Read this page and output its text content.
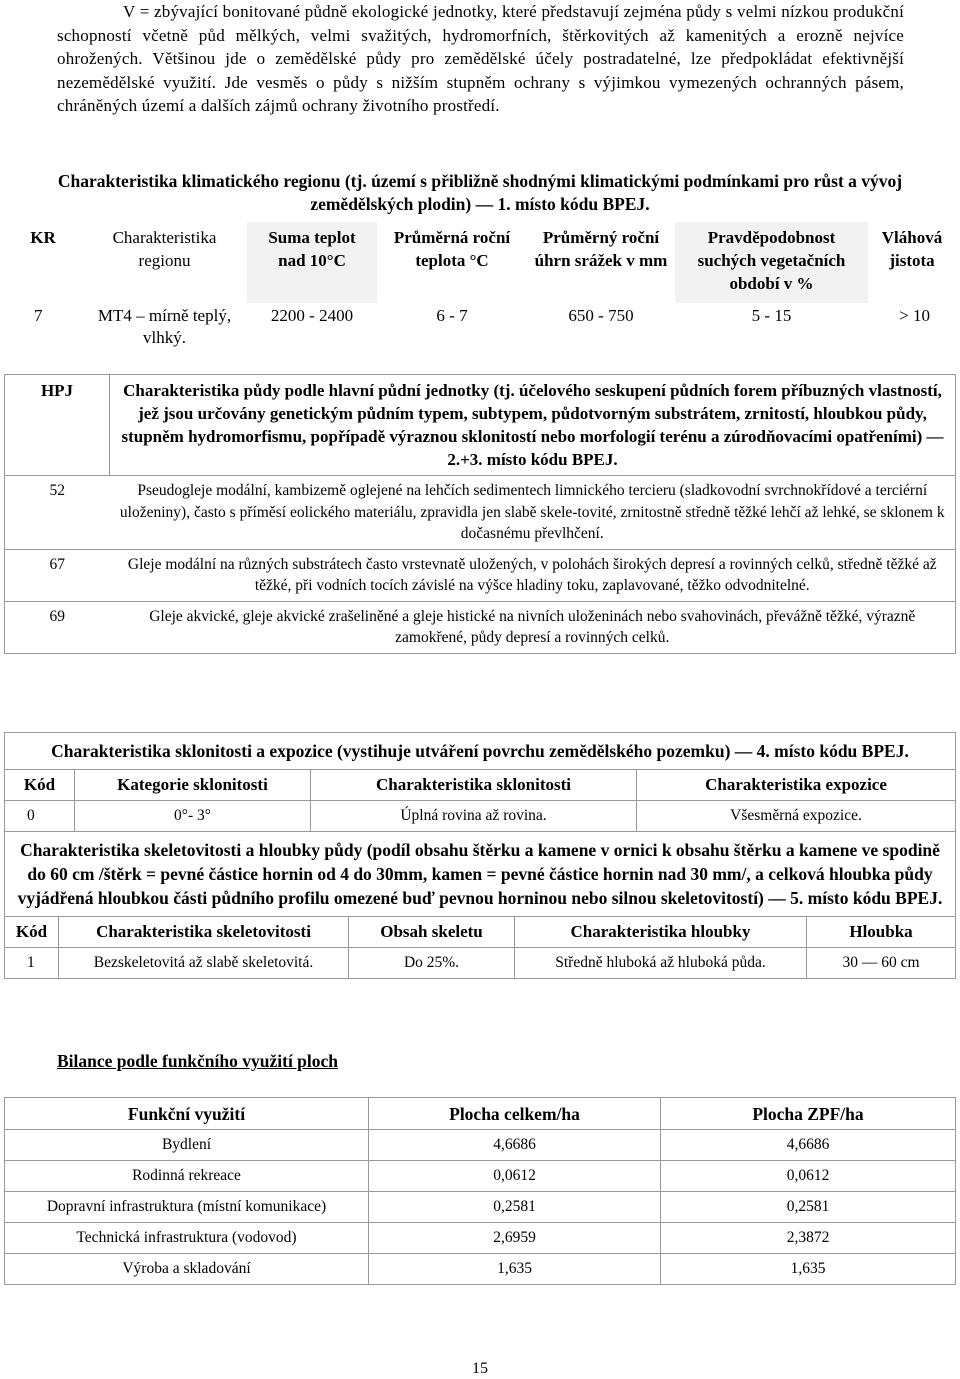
V = zbývající bonitované půdně ekologické jednotky, které představují zejména půdy s velmi nízkou produkční schopností včetně půd mělkých, velmi svažitých, hydromorfních, štěrkovitých až kamenitých a erozně nejvíce ohrožených. Většinou jde o zemědělské půdy pro zemědělské účely postradatelné, lze předpokládat efektivnější nezemědělské využití. Jde vesměs o půdy s nižším stupněm ochrany s výjimkou vymezených ochranných pásem, chráněných území a dalších zájmů ochrany životního prostředí.

Charakteristika klimatického regionu (tj. území s přibližně shodnými klimatickými podmínkami pro růst a vývoj zemědělských plodin) — 1. místo kódu BPEJ.
KR	Charakteristika regionu	Suma teplot nad 10°C	Průměrná roční teplota °C	Průměrný roční úhrn srážek v mm	Pravděpodobnost suchých vegetačních období v %	Vláhová jistota
7	MT4 – mírně teplý, vlhký.	2200 - 2400	6 - 7	650 - 750	5 - 15	> 10
HPJ	Charakteristika půdy podle hlavní půdní jednotky (tj. účelového seskupení půdních forem příbuzných vlastností, jež jsou určovány genetickým půdním typem, subtypem, půdotvorným substrátem, zrnitostí, hloubkou půdy, stupněm hydromorfismu, popřípadě výraznou sklonitostí nebo morfologií terénu a zúrodňovacími opatřeními) — 2.+3. místo kódu BPEJ.
52	Pseudogleje modální, kambizemě oglejené na lehčích sedimentech limnického tercieru (sladkovodní svrchnokřídové a terciérní uloženiny), často s příměsí eolického materiálu, zpravidla jen slabě skele-tovité, zrnitostně středně těžké lehčí až lehké, se sklonem k dočasnému převlhčení.
67	Gleje modální na různých substrátech často vrstevnatě uložených, v polohách širokých depresí a rovinných celků, středně těžké až těžké, při vodních tocích závislé na výšce hladiny toku, zaplavované, těžko odvodnitelné.
69	Gleje akvické, gleje akvické zrašeliněné a gleje histické na nivních uloženinách nebo svahovinách, převážně těžké, výrazně zamokřené, půdy depresí a rovinných celků.
Charakteristika sklonitosti a expozice (vystihuje utváření povrchu zemědělského pozemku) — 4. místo kódu BPEJ.			
Kód	Kategorie sklonitosti	Charakteristika sklonitosti	Charakteristika expozice
0	0°- 3°	Úplná rovina až rovina.	Všesměrná expozice.
Charakteristika skeletovitosti a hloubky půdy (podíl obsahu štěrku a kamene v ornici k obsahu štěrku a kamene ve spodině do 60 cm /štěrk = pevné částice hornin od 4 do 30mm, kamen = pevné částice hornin nad 30 mm/, a celková hloubka půdy vyjádřená hloubkou části půdního profilu omezené buď pevnou horninou nebo silnou skeletovitostí) — 5. místo kódu BPEJ.				
Kód	Charakteristika skeletovitosti	Obsah skeletu	Charakteristika hloubky	Hloubka
1	Bezskeletovitá až slabě skeletovitá.	Do 25%.	Středně hluboká až hluboká půda.	30 — 60 cm
Bilance podle funkčního využití ploch
Funkční využití	Plocha celkem/ha	Plocha ZPF/ha
Bydlení	4,6686	4,6686
Rodinná rekreace	0,0612	0,0612
Dopravní infrastruktura (místní komunikace)	0,2581	0,2581
Technická infrastruktura (vodovod)	2,6959	2,3872
Výroba a skladování	1,635	1,635
15
